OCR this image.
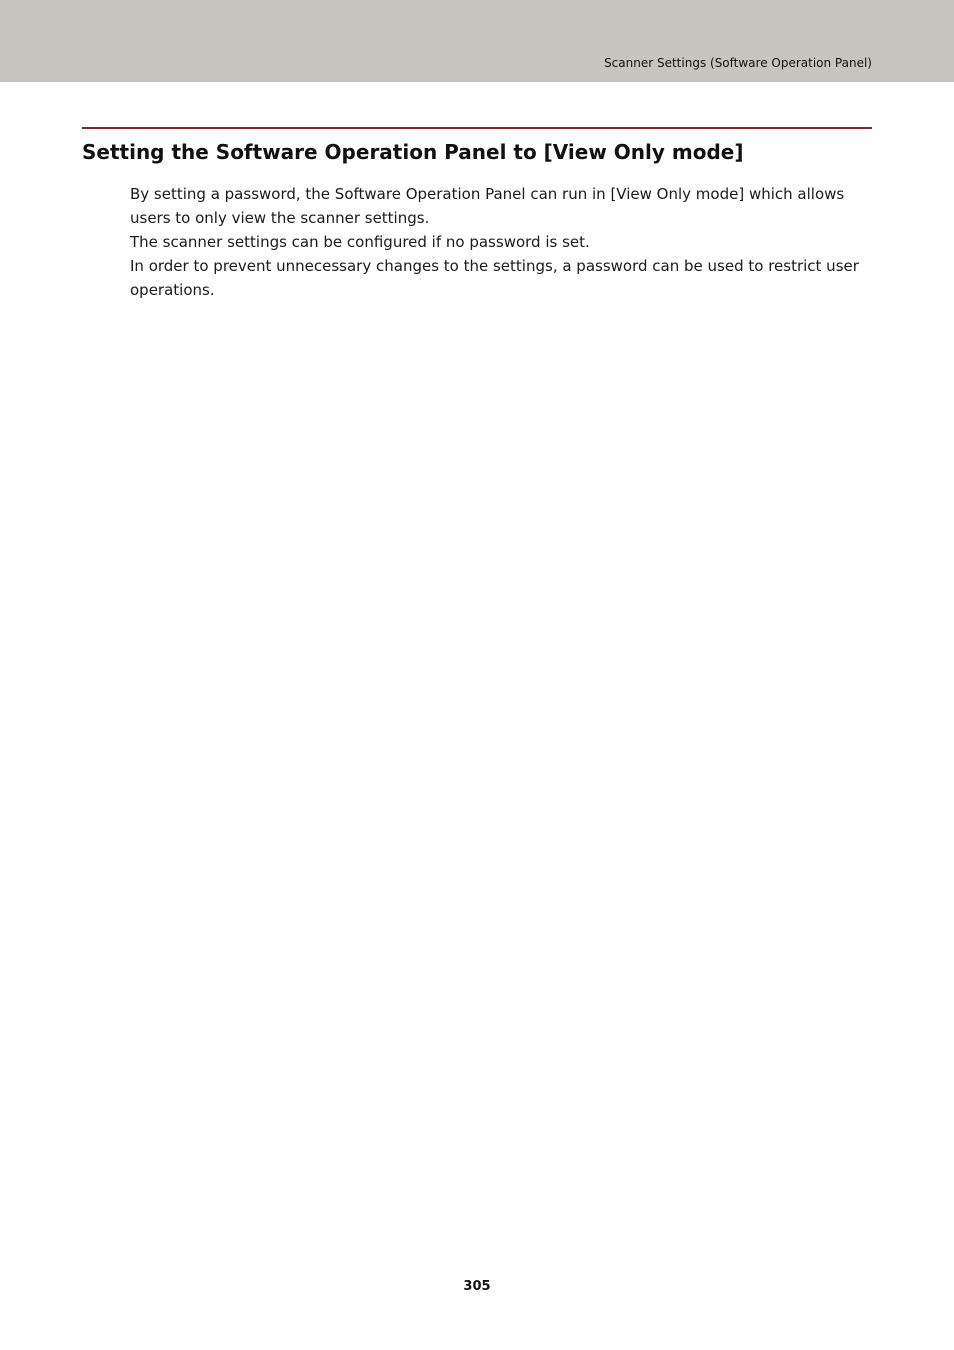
Scanner Settings (Software Operation Panel)
Setting the Software Operation Panel to [View Only mode]

By setting a password, the Software Operation Panel can run in [View Only mode] which allows users to only view the scanner settings.

The scanner settings can be configured if no password is set.

In order to prevent unnecessary changes to the settings, a password can be used to restrict user operations.

305
